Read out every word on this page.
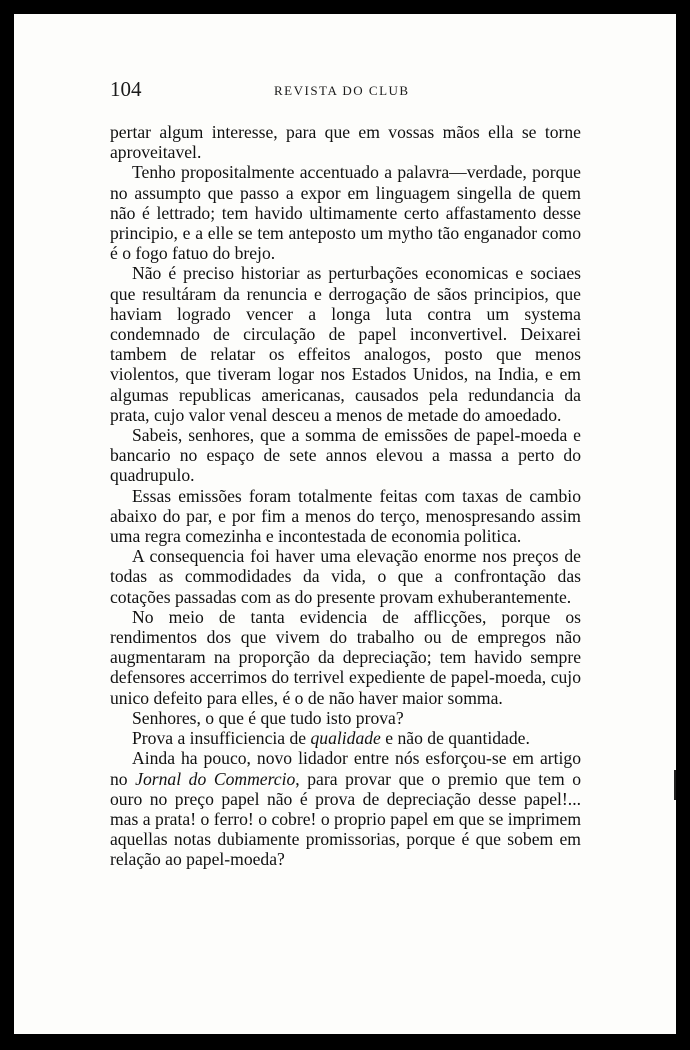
104	REVISTA DO CLUB

pertar algum interesse, para que em vossas mãos ella se torne aproveitavel.

Tenho propositalmente accentuado a palavra—verdade, porque no assumpto que passo a expor em linguagem singella de quem não é lettrado; tem havido ultimamente certo affastamento desse principio, e a elle se tem anteposto um mytho tão enganador como é o fogo fatuo do brejo.

Não é preciso historiar as perturbações economicas e sociaes que resultáram da renuncia e derrogação de sãos principios, que haviam logrado vencer a longa luta contra um systema condemnado de circulação de papel inconvertivel. Deixarei tambem de relatar os effeitos analogos, posto que menos violentos, que tiveram logar nos Estados Unidos, na India, e em algumas republicas americanas, causados pela redundancia da prata, cujo valor venal desceu a menos de metade do amoedado.

Sabeis, senhores, que a somma de emissões de papel-moeda e bancario no espaço de sete annos elevou a massa a perto do quadrupulo.

Essas emissões foram totalmente feitas com taxas de cambio abaixo do par, e por fim a menos do terço, menospresando assim uma regra comezinha e incontestada de economia politica.

A consequencia foi haver uma elevação enorme nos preços de todas as commodidades da vida, o que a confrontação das cotações passadas com as do presente provam exhuberantemente.

No meio de tanta evidencia de afflicções, porque os rendimentos dos que vivem do trabalho ou de empregos não augmentaram na proporção da depreciação; tem havido sempre defensores accerrimos do terrivel expediente de papel-moeda, cujo unico defeito para elles, é o de não haver maior somma.

Senhores, o que é que tudo isto prova?

Prova a insufficiencia de qualidade e não de quantidade.

Ainda ha pouco, novo lidador entre nós esforçou-se em artigo no Jornal do Commercio, para provar que o premio que tem o ouro no preço papel não é prova de depreciação desse papel!... mas a prata! o ferro! o cobre! o proprio papel em que se imprimem aquellas notas dubiamente promissorias, porque é que sobem em relação ao papel-moeda?
